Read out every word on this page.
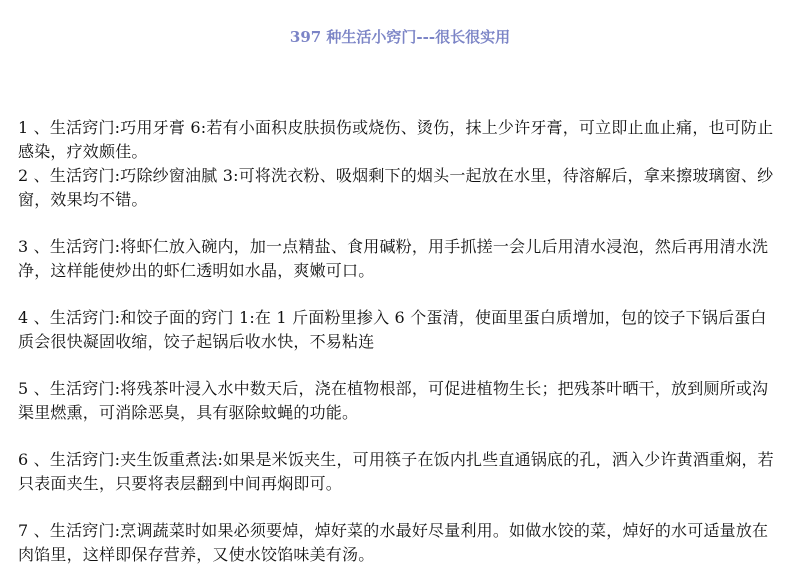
397 种生活小窍门---很长很实用

1 、生活窍门:巧用牙膏 6:若有小面积皮肤损伤或烧伤、烫伤，抹上少许牙膏，可立即止血止痛，也可防止感染，疗效颇佳。

2 、生活窍门:巧除纱窗油腻 3:可将洗衣粉、吸烟剩下的烟头一起放在水里，待溶解后，拿来擦玻璃窗、纱窗，效果均不错。

3 、生活窍门:将虾仁放入碗内，加一点精盐、食用碱粉，用手抓搓一会儿后用清水浸泡，然后再用清水洗净，这样能使炒出的虾仁透明如水晶，爽嫩可口。

4 、生活窍门:和饺子面的窍门 1:在 1 斤面粉里掺入 6 个蛋清，使面里蛋白质增加，包的饺子下锅后蛋白质会很快凝固收缩，饺子起锅后收水快，不易粘连

5 、生活窍门:将残茶叶浸入水中数天后，浇在植物根部，可促进植物生长；把残茶叶晒干，放到厕所或沟渠里燃熏，可消除恶臭，具有驱除蚊蝇的功能。

6 、生活窍门:夹生饭重煮法:如果是米饭夹生，可用筷子在饭内扎些直通锅底的孔，洒入少许黄酒重焖，若只表面夹生，只要将表层翻到中间再焖即可。

7 、生活窍门:烹调蔬菜时如果必须要焯，焯好菜的水最好尽量利用。如做水饺的菜，焯好的水可适量放在肉馅里，这样即保存营养，又使水饺馅味美有汤。
